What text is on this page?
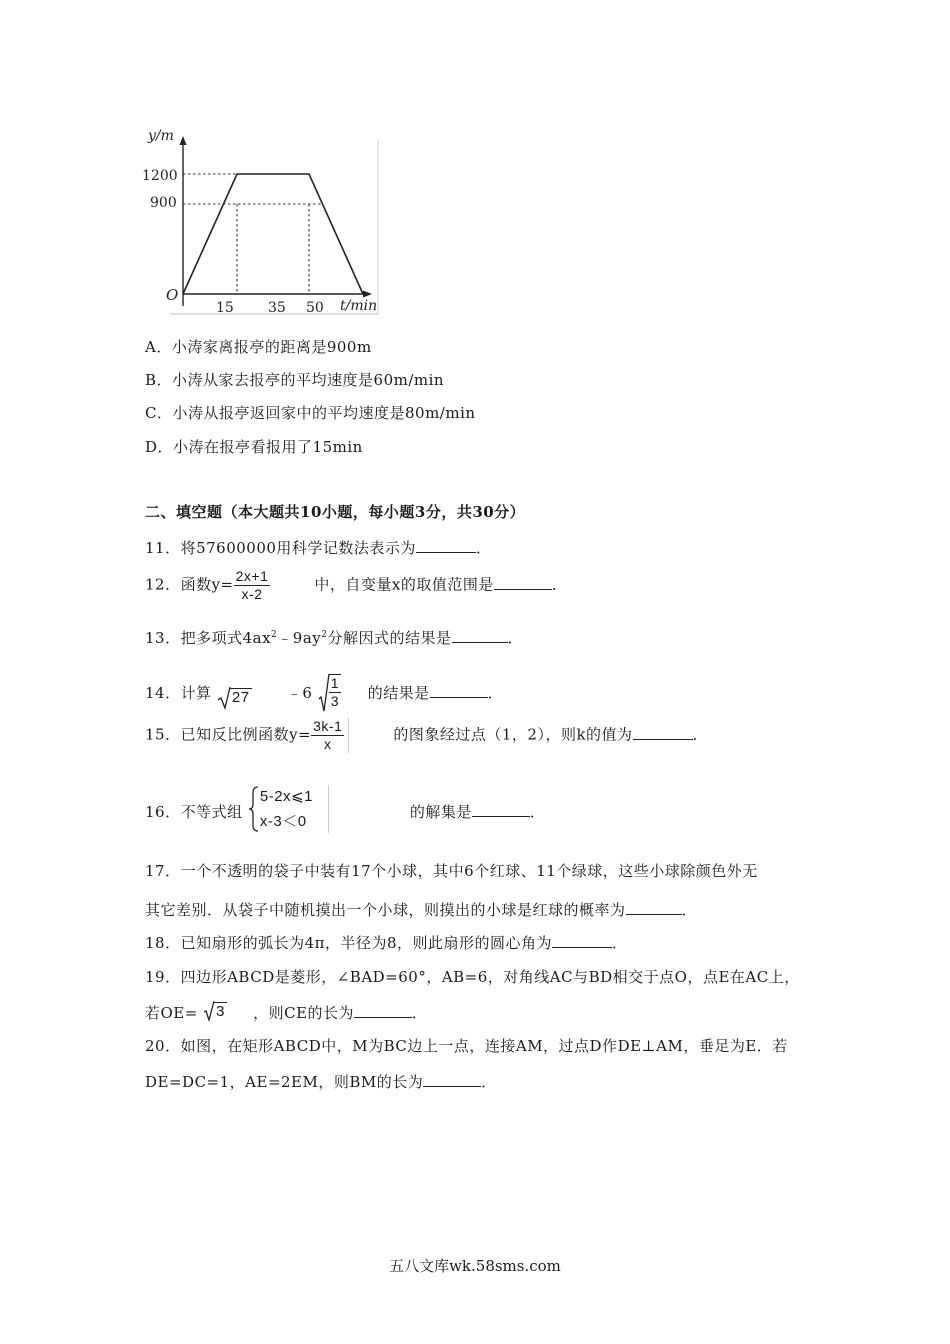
y/m
O
t/min
1200
900
15 35 50
A．小涛家离报亭的距离是900m
B．小涛从家去报亭的平均速度是60m/min
C．小涛从报亭返回家中的平均速度是80m/min
D．小涛在报亭看报用了15min
二、填空题（本大题共10小题，每小题3分，共30分）
11．将57600000用科学记数法表示为	．
12．函数$y= \frac{2x+1}{x-2}$	中，自变量x的取值范围是	．
13．把多项式$4ax^2﹣9ay^2$分解因式的结果是	．
14．计算 27 ﹣6 $\frac{1}{3}$ 的结果是	．
15．已知反比例函数$y= \frac{3k-1}{x}$	的图象经过点（1，2），则k的值为	．
16．不等式组
5-2x⩽1
x-3＜0
的解集是	．
17．一个不透明的袋子中装有17个小球，其中6个红球、11个绿球，这些小球除颜色外无
其它差别．从袋子中随机摸出一个小球，则摸出的小球是红球的概率为	．
18．已知扇形的弧长为4π，半径为8，则此扇形的圆心角为	．
19．四边形ABCD是菱形，∠BAD=60°，AB=6，对角线AC与BD相交于点O，点E在AC上，
若OE= 3 ，则CE的长为	．
20．如图，在矩形ABCD中，M为BC边上一点，连接AM，过点D作DE⊥AM，垂足为E．若
DE=DC=1，AE=2EM，则BM的长为	．
五八文库wk.58sms.com
